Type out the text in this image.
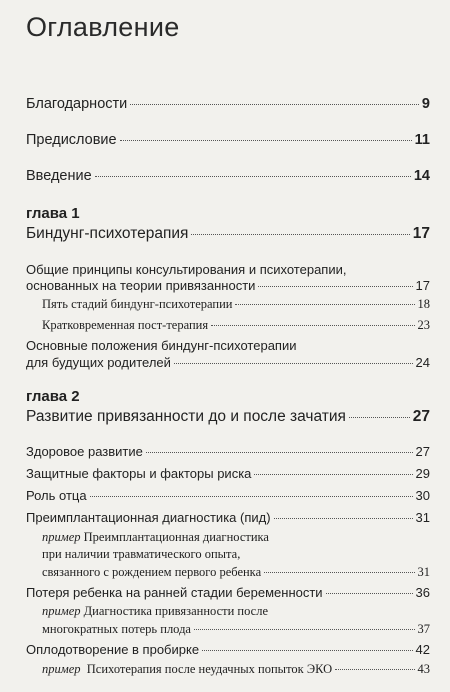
Оглавление
Благодарности	9
Предисловие	11
Введение	14
глава 1
Биндунг-психотерапия	17
Общие принципы консультирования и психотерапии,
основанных на теории привязанности	17
Пять стадий биндунг-психотерапии	18
Кратковременная пост-терапия	23
Основные положения биндунг-психотерапии
для будущих родителей	24
глава 2
Развитие привязанности до и после зачатия	27
Здоровое развитие	27
Защитные факторы и факторы риска	29
Роль отца	30
Преимплантационная диагностика (пид)	31
пример Преимплантационная диагностика
при наличии травматического опыта,
связанного с рождением первого ребенка	31
Потеря ребенка на ранней стадии беременности	36
пример Диагностика привязанности после
многократных потерь плода	37
Оплодотворение в пробирке	42
пример Психотерапия после неудачных попыток ЭКО	43
